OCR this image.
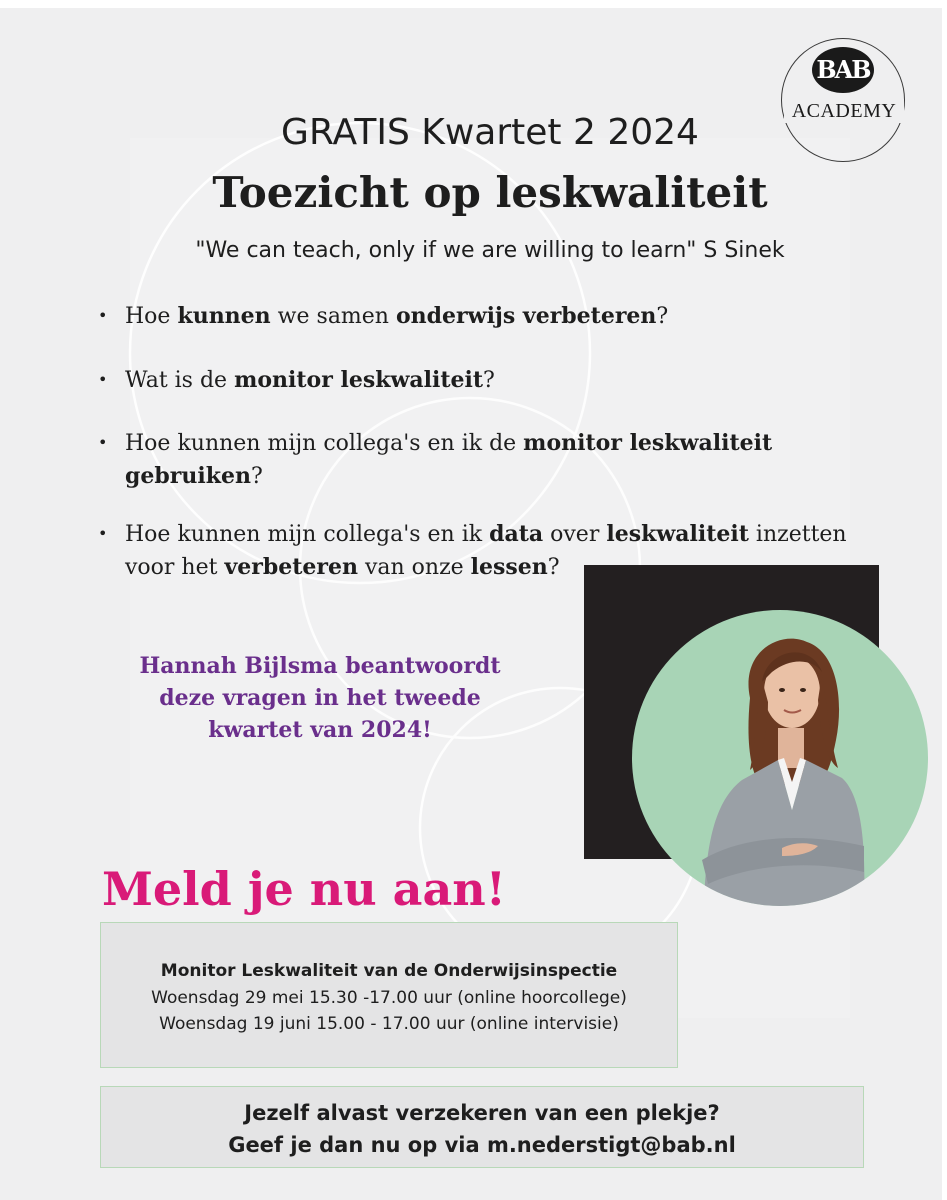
BAB
ACADEMY
GRATIS Kwartet 2 2024
Toezicht op leskwaliteit
"We can teach, only if we are willing to learn" S Sinek
• Hoe kunnen we samen onderwijs verbeteren?
• Wat is de monitor leskwaliteit?
• Hoe kunnen mijn collega's en ik de monitor leskwaliteit gebruiken?
• Hoe kunnen mijn collega's en ik data over leskwaliteit inzetten voor het verbeteren van onze lessen?
Hannah Bijlsma beantwoordt
deze vragen in het tweede
kwartet van 2024!
Meld je nu aan!
Monitor Leskwaliteit van de Onderwijsinspectie
Woensdag 29 mei 15.30 -17.00 uur (online hoorcollege)
Woensdag 19 juni 15.00 - 17.00 uur (online intervisie)
Jezelf alvast verzekeren van een plekje?
Geef je dan nu op via m.nederstigt@bab.nl
